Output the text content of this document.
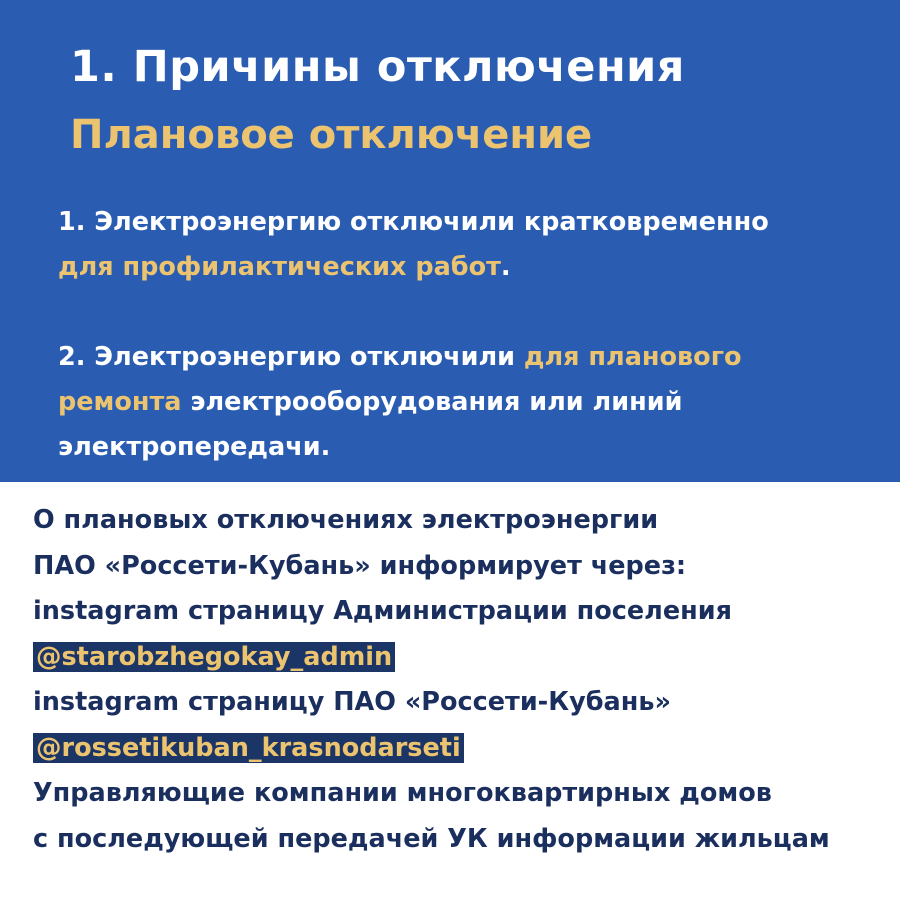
1. Причины отключения
Плановое отключение
1. Электроэнергию отключили кратковременно
для профилактических работ.
2. Электроэнергию отключили для планового
ремонта электрооборудования или линий
электропередачи.
О плановых отключениях электроэнергии
ПАО «Россети-Кубань» информирует через:
instagram страницу Администрации поселения
@starobzhegokay_admin
instagram страницу ПАО «Россети-Кубань»
@rossetikuban_krasnodarseti
Управляющие компании многоквартирных домов
с последующей передачей УК информации жильцам
